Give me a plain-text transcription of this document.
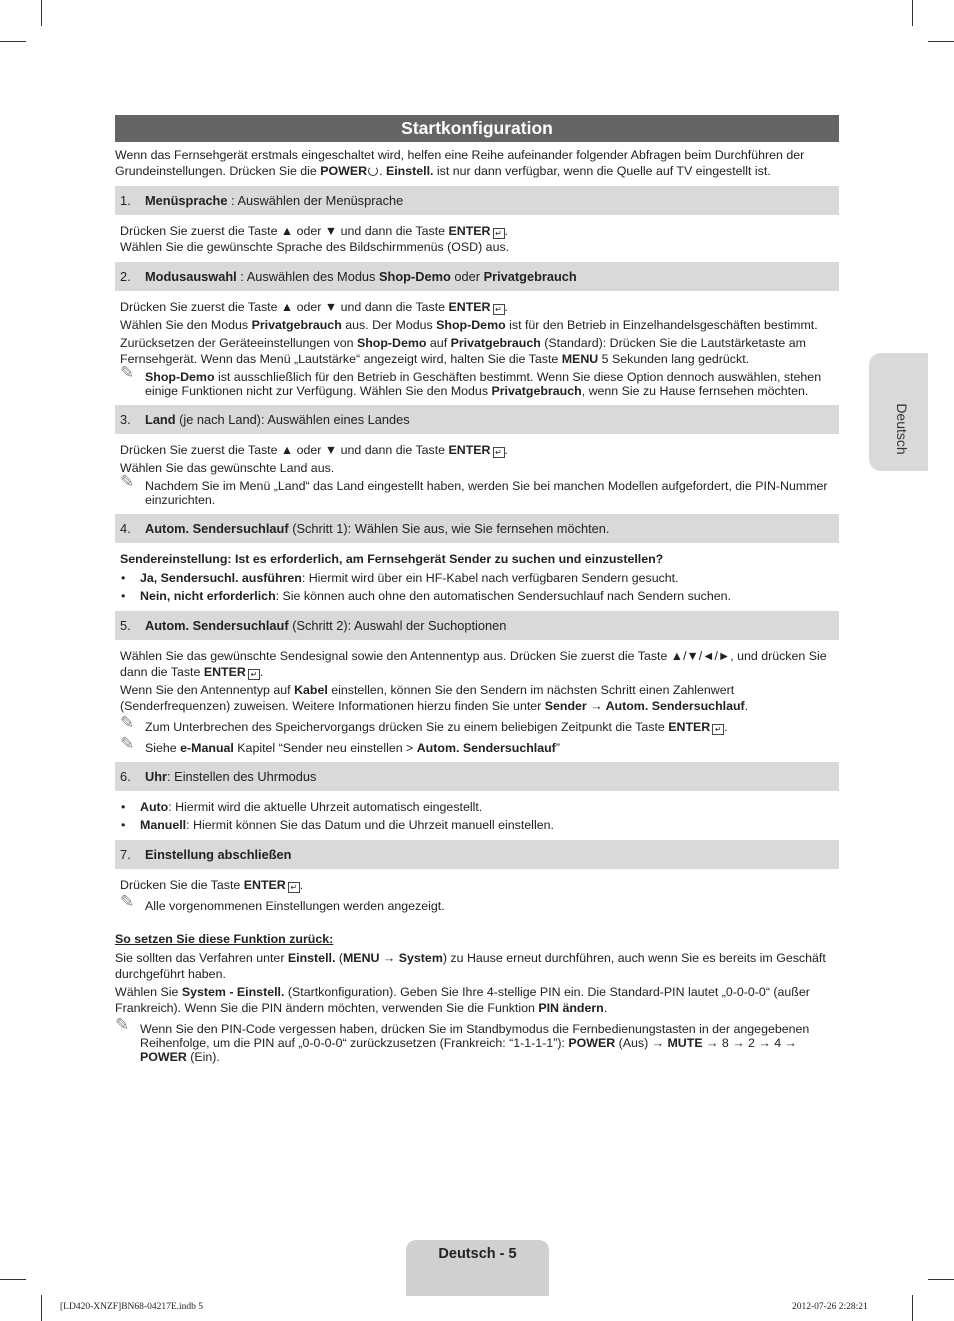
Startkonfiguration

Wenn das Fernsehgerät erstmals eingeschaltet wird, helfen eine Reihe aufeinander folgender Abfragen beim Durchführen der Grundeinstellungen. Drücken Sie die POWER . Einstell. ist nur dann verfügbar, wenn die Quelle auf TV eingestellt ist.

1. Menüsprache : Auswählen der Menüsprache
Drücken Sie zuerst die Taste ▲ oder ▼ und dann die Taste ENTER ↵ .
Wählen Sie die gewünschte Sprache des Bildschirmmenüs (OSD) aus.
2. Modusauswahl : Auswählen des Modus Shop-Demo oder Privatgebrauch
Drücken Sie zuerst die Taste ▲ oder ▼ und dann die Taste ENTER ↵ .
Wählen Sie den Modus Privatgebrauch aus. Der Modus Shop-Demo ist für den Betrieb in Einzelhandelsgeschäften bestimmt.
Zurücksetzen der Geräteeinstellungen von Shop-Demo auf Privatgebrauch (Standard): Drücken Sie die Lautstärketaste am Fernsehgerät. Wenn das Menü „Lautstärke“ angezeigt wird, halten Sie die Taste MENU 5 Sekunden lang gedrückt.
✎ Shop-Demo ist ausschließlich für den Betrieb in Geschäften bestimmt. Wenn Sie diese Option dennoch auswählen, stehen einige Funktionen nicht zur Verfügung. Wählen Sie den Modus Privatgebrauch, wenn Sie zu Hause fernsehen möchten.
3. Land (je nach Land): Auswählen eines Landes
Drücken Sie zuerst die Taste ▲ oder ▼ und dann die Taste ENTER ↵ .
Wählen Sie das gewünschte Land aus.
✎ Nachdem Sie im Menü „Land“ das Land eingestellt haben, werden Sie bei manchen Modellen aufgefordert, die PIN-Nummer einzurichten.
4. Autom. Sendersuchlauf (Schritt 1): Wählen Sie aus, wie Sie fernsehen möchten.
Sendereinstellung: Ist es erforderlich, am Fernsehgerät Sender zu suchen und einzustellen?
• Ja, Sendersuchl. ausführen: Hiermit wird über ein HF-Kabel nach verfügbaren Sendern gesucht.
• Nein, nicht erforderlich: Sie können auch ohne den automatischen Sendersuchlauf nach Sendern suchen.
5. Autom. Sendersuchlauf (Schritt 2): Auswahl der Suchoptionen
Wählen Sie das gewünschte Sendesignal sowie den Antennentyp aus. Drücken Sie zuerst die Taste ▲/▼/◄/►, und drücken Sie dann die Taste ENTER ↵ .
Wenn Sie den Antennentyp auf Kabel einstellen, können Sie den Sendern im nächsten Schritt einen Zahlenwert (Senderfrequenzen) zuweisen. Weitere Informationen hierzu finden Sie unter Sender → Autom. Sendersuchlauf.
✎ Zum Unterbrechen des Speichervorgangs drücken Sie zu einem beliebigen Zeitpunkt die Taste ENTER ↵ .
✎ Siehe e-Manual Kapitel “Sender neu einstellen > Autom. Sendersuchlauf”
6. Uhr: Einstellen des Uhrmodus
• Auto: Hiermit wird die aktuelle Uhrzeit automatisch eingestellt.
• Manuell: Hiermit können Sie das Datum und die Uhrzeit manuell einstellen.
7. Einstellung abschließen
Drücken Sie die Taste ENTER ↵ .
✎ Alle vorgenommenen Einstellungen werden angezeigt.
So setzen Sie diese Funktion zurück:
Sie sollten das Verfahren unter Einstell. (MENU → System) zu Hause erneut durchführen, auch wenn Sie es bereits im Geschäft durchgeführt haben.
Wählen Sie System - Einstell. (Startkonfiguration). Geben Sie Ihre 4-stellige PIN ein. Die Standard-PIN lautet „0-0-0-0“ (außer Frankreich). Wenn Sie die PIN ändern möchten, verwenden Sie die Funktion PIN ändern.
✎ Wenn Sie den PIN-Code vergessen haben, drücken Sie im Standbymodus die Fernbedienungstasten in der angegebenen Reihenfolge, um die PIN auf „0-0-0-0“ zurückzusetzen (Frankreich: “1-1-1-1”): POWER (Aus) → MUTE → 8 → 2 → 4 → POWER (Ein).
Deutsch
Deutsch - 5
[LD420-XNZF]BN68-04217E.indb 5	2012-07-26 2:28:21
